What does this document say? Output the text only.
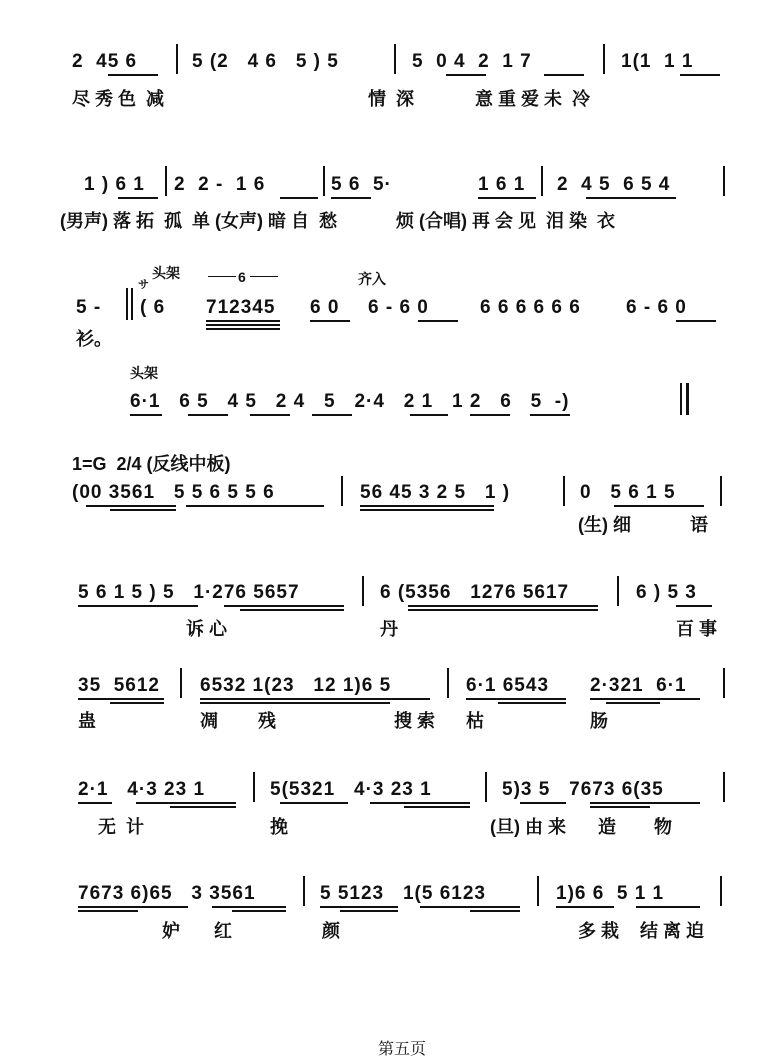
2  45 6	5 (2   4 6   5 ) 5	5  0 4  2  1 7	1(1  1 1
尽 秀 色  减	情  深	意 重 爱 未  冷
1 ) 6 1 2  2 -  1 6	5 6  5·	1 6 1 2  4 5  6 5 4
(男声) 落 拓  孤  单 (女声) 暗 自  愁	烦 (合唱) 再 会 见  泪 染  衣
头架
サ	6	齐入
5 - ( 6 712345 6 0 6 - 6 0	6 6 6 6 6 6 6 - 6 0
衫。
头架
6·1   6 5   4 5   2 4   5   2·4   2 1   1 2   6   5  -)
1=G  2/4 (反线中板)
(00 3561   5 5 6 5 5 6	56 45 3 2 5   1 )	0   5 6 1 5
(生) 细	语
5 6 1 5 ) 5   1·276 5657	6 (5356   1276 5617	6 ) 5 3
诉 心	丹	百 事
35  5612 6532 1(23   12 1)6 5	6·1 6543 2·321  6·1
蛊	凋 残	搜 索 枯	肠
2·1   4·3 23 1	5(5321   4·3 23 1	5)3 5   7673 6(35
无  计	挽	(旦) 由 来 造 物
7673 6)65   3 3561	5 5123   1(5 6123	1)6 6  5 1 1
妒 红	颜	多 栽 结 离 迫
第五页
